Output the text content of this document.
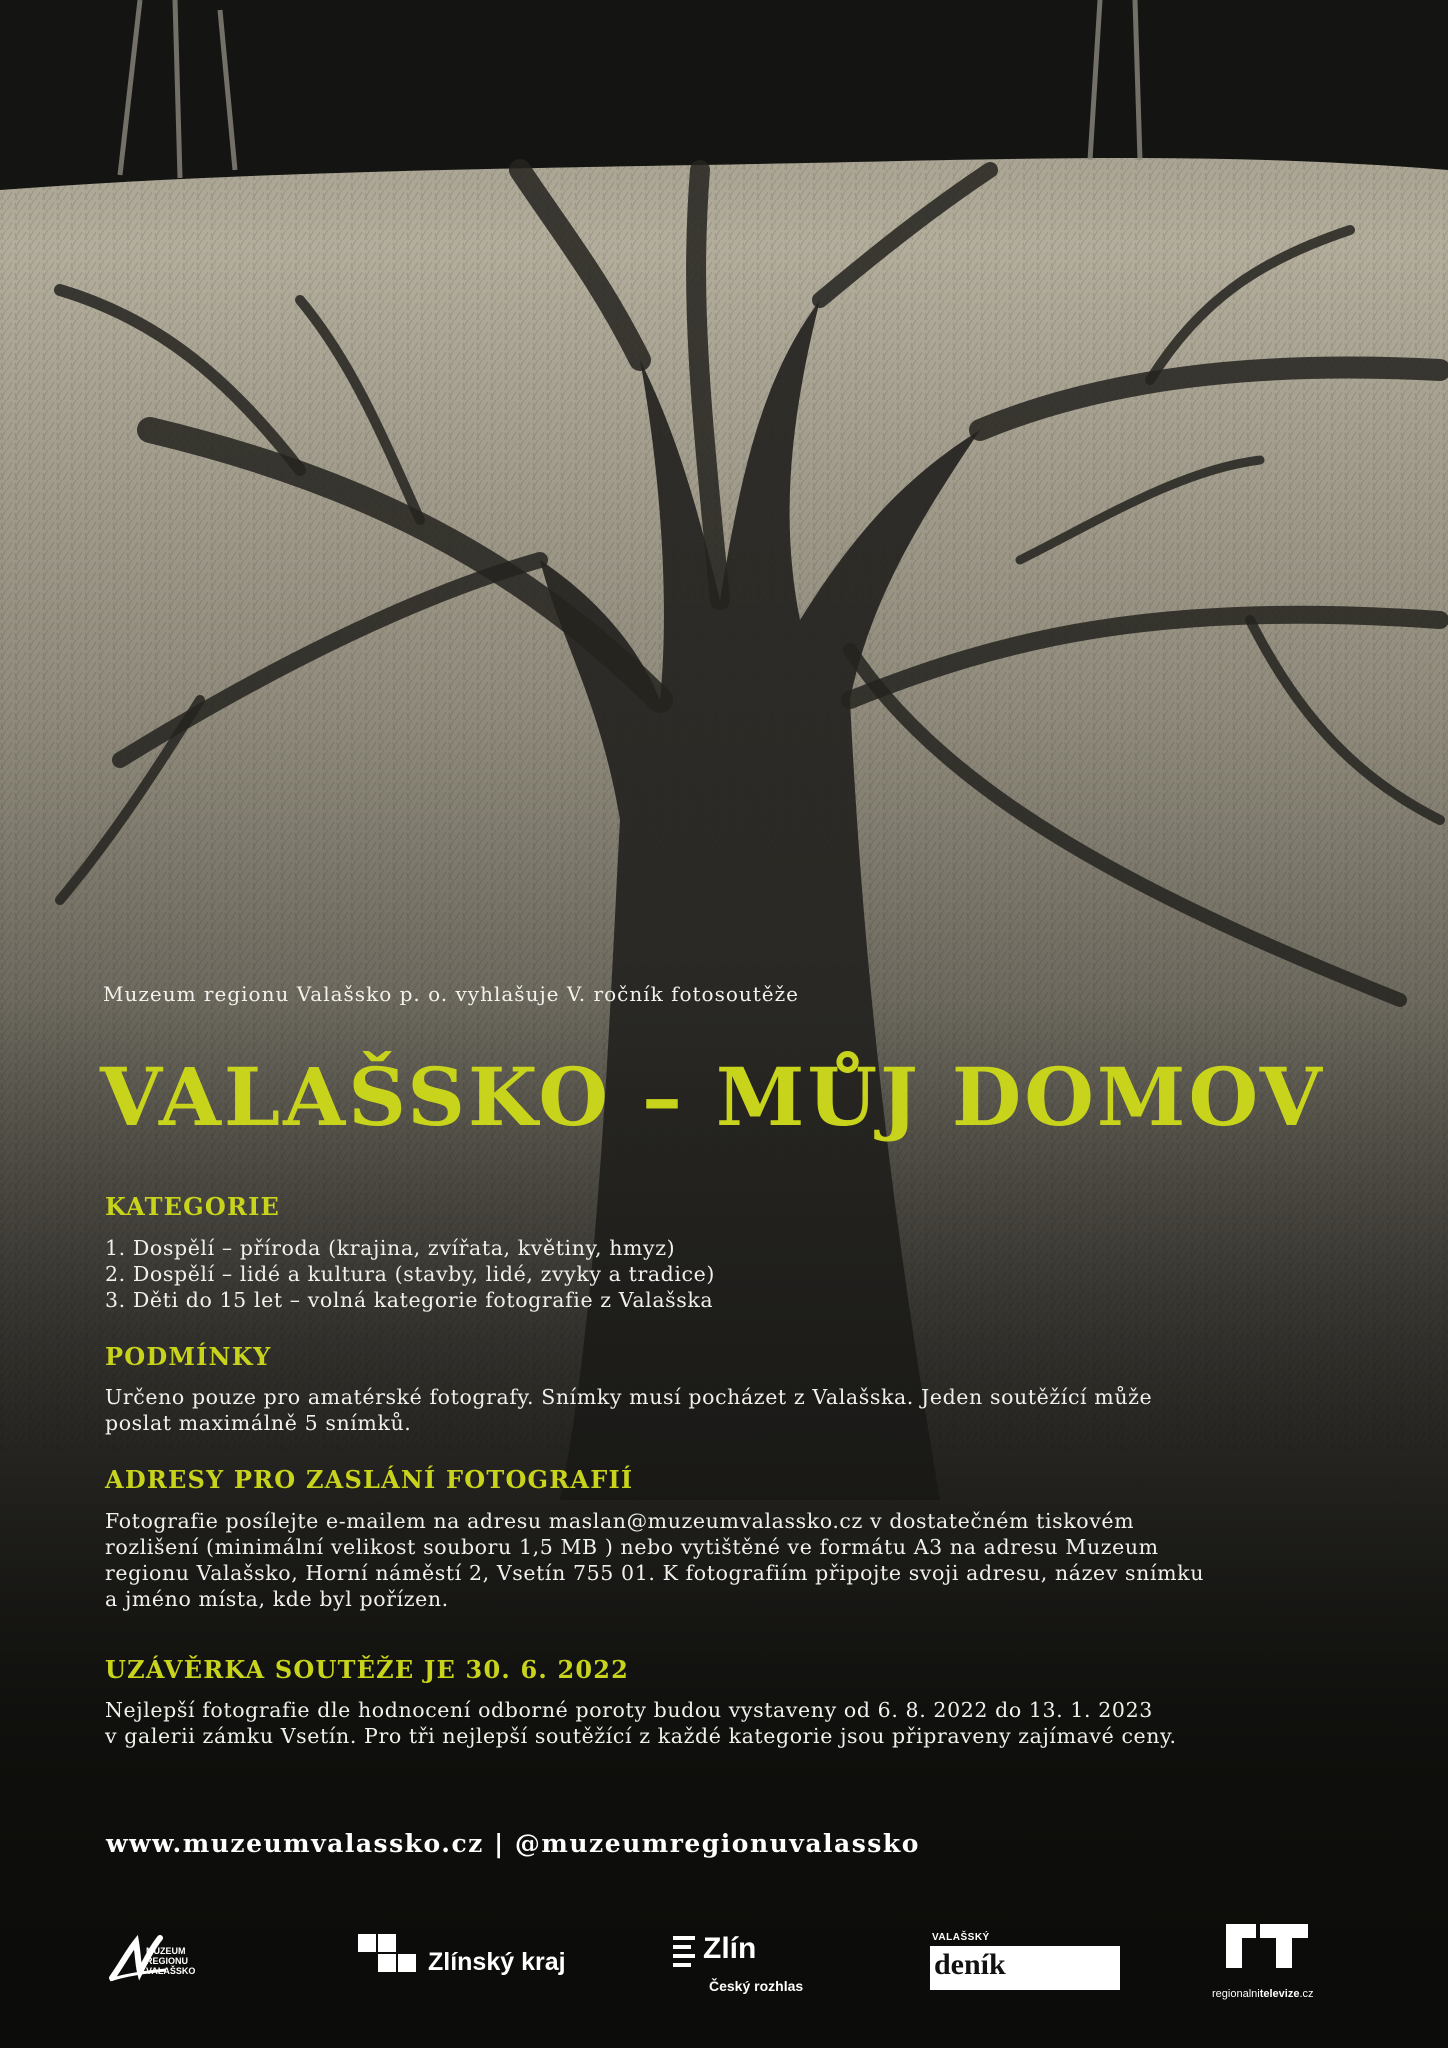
Muzeum regionu Valašsko p. o. vyhlašuje V. ročník fotosoutěže
VALAŠSKO – MŮJ DOMOV
KATEGORIE
1. Dospělí – příroda (krajina, zvířata, květiny, hmyz)
2. Dospělí – lidé a kultura (stavby, lidé, zvyky a tradice)
3. Děti do 15 let – volná kategorie fotografie z Valašska
PODMÍNKY
Určeno pouze pro amatérské fotografy. Snímky musí pocházet z Valašska. Jeden soutěžící může
poslat maximálně 5 snímků.
ADRESY PRO ZASLÁNÍ FOTOGRAFIÍ
Fotografie posílejte e-mailem na adresu maslan@muzeumvalassko.cz v dostatečném tiskovém
rozlišení (minimální velikost souboru 1,5 MB ) nebo vytištěné ve formátu A3 na adresu Muzeum
regionu Valašsko, Horní náměstí 2, Vsetín 755 01. K fotografiím připojte svoji adresu, název snímku
a jméno místa, kde byl pořízen.
UZÁVĚRKA SOUTĚŽE JE 30. 6. 2022
Nejlepší fotografie dle hodnocení odborné poroty budou vystaveny od 6. 8. 2022 do 13. 1. 2023
v galerii zámku Vsetín. Pro tři nejlepší soutěžící z každé kategorie jsou připraveny zajímavé ceny.
www.muzeumvalassko.cz | @muzeumregionuvalassko
MUZEUM
REGIONU
VALAŠSKO	Zlínský kraj	Zlín
Český rozhlas
VALAŠSKÝ
deník
regionalnitelevize.cz
